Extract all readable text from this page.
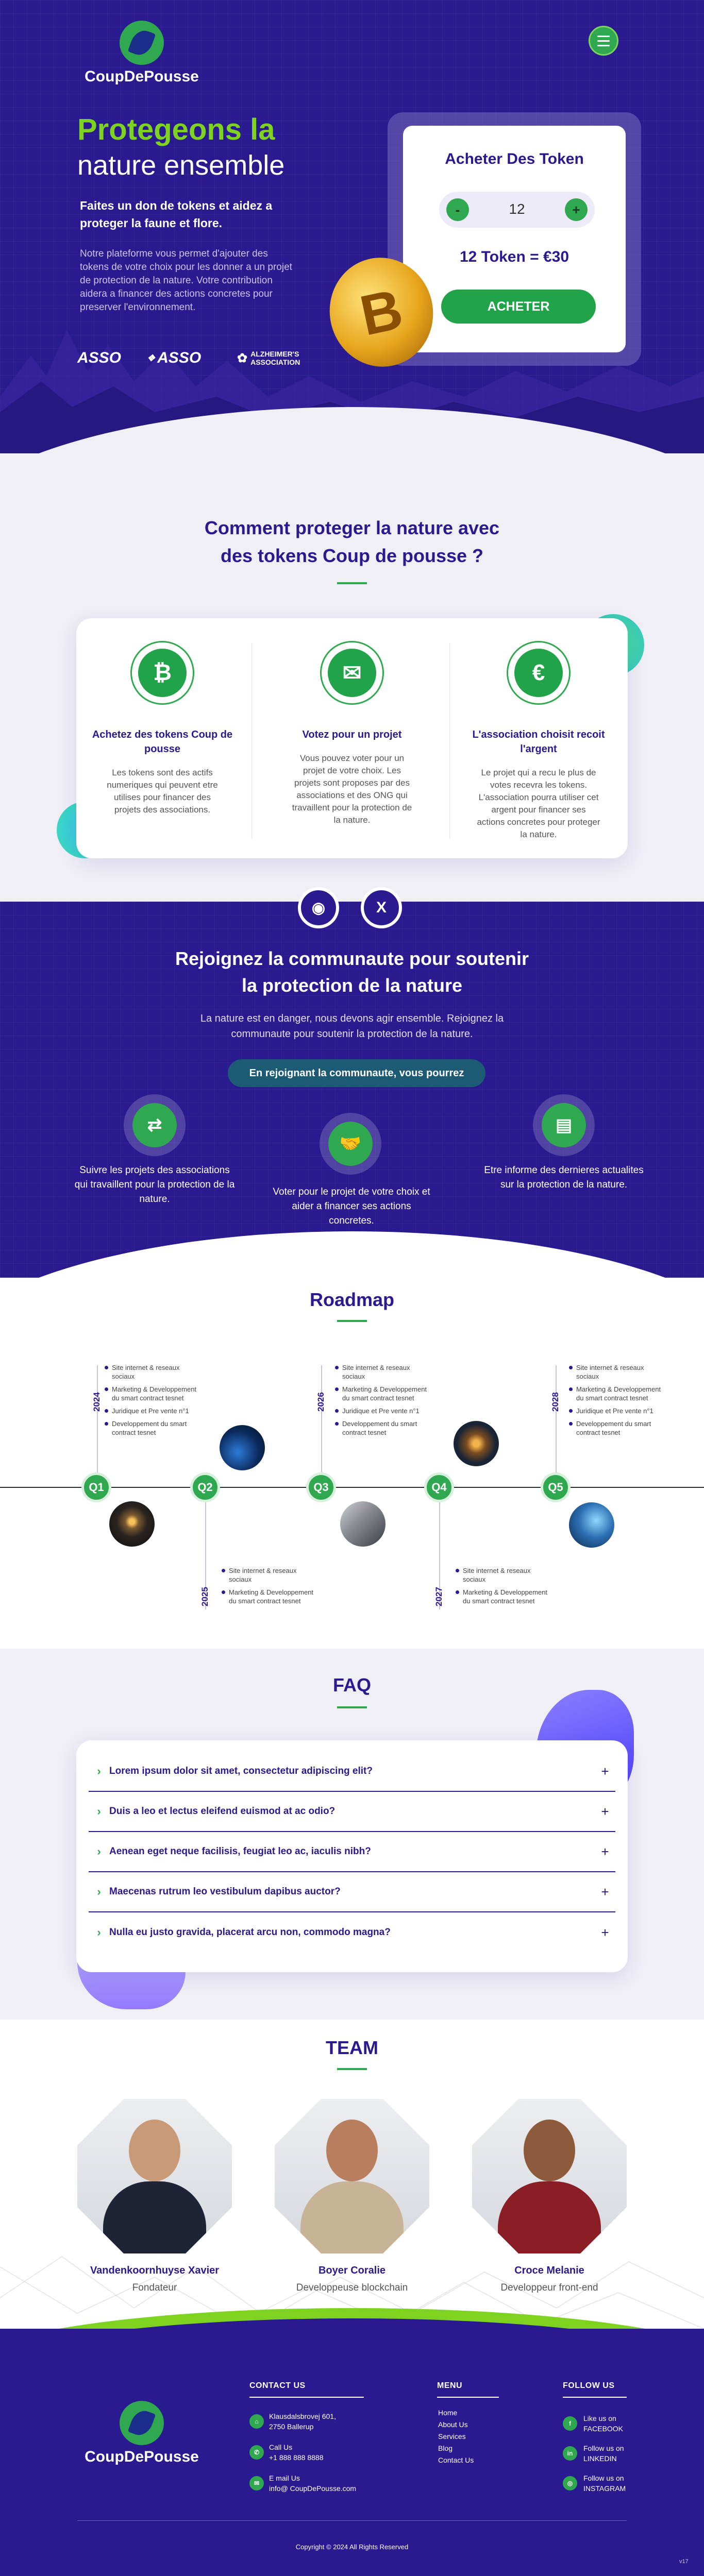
CoupDePousse
Protegeons la
nature ensemble
Faites un don de tokens et aidez a proteger la faune et flore.
Notre plateforme vous permet d'ajouter des tokens de votre choix pour les donner a un projet de protection de la nature. Votre contribution aidera a financer des actions concretes pour preserver l'environnement.
ASSO	❖ ASSO	✿ ALZHEIMER'S ASSOCIATION
Acheter Des Token
-	12	+
12 Token = €30
ACHETER
B
Comment proteger la nature avec
des tokens Coup de pousse ?
₿
Achetez des tokens Coup de pousse
Les tokens sont des actifs numeriques qui peuvent etre utilises pour financer des projets des associations.
✉
Votez pour un projet
Vous pouvez voter pour un projet de votre choix. Les projets sont proposes par des associations et des ONG qui travaillent pour la protection de la nature.
€
L'association choisit recoit l'argent
Le projet qui a recu le plus de votes recevra les tokens. L'association pourra utiliser cet argent pour financer ses actions concretes pour proteger la nature.
◉	X
Rejoignez la communaute pour soutenir
la protection de la nature
La nature est en danger, nous devons agir ensemble. Rejoignez la
communaute pour soutenir la protection de la nature.
En rejoignant la communaute, vous pourrez
⇄
Suivre les projets des associations qui travaillent pour la protection de la nature.
🤝
Voter pour le projet de votre choix et aider a financer ses actions concretes.
▤
Etre informe des dernieres actualites sur la protection de la nature.
Roadmap
Q1	Q2	Q3	Q4	Q5
2024
2025
2026
2027
2028
Site internet & reseaux sociaux
Marketing & Developpement du smart contract tesnet
Juridique et Pre vente n°1
Developpement du smart contract tesnet
Site internet & reseaux sociaux
Marketing & Developpement du smart contract tesnet
Site internet & reseaux sociaux
Marketing & Developpement du smart contract tesnet
Juridique et Pre vente n°1
Developpement du smart contract tesnet
Site internet & reseaux sociaux
Marketing & Developpement du smart contract tesnet
Site internet & reseaux sociaux
Marketing & Developpement du smart contract tesnet
Juridique et Pre vente n°1
Developpement du smart contract tesnet
FAQ
› Lorem ipsum dolor sit amet, consectetur adipiscing elit?	+
› Duis a leo et lectus eleifend euismod at ac odio?	+
› Aenean eget neque facilisis, feugiat leo ac, iaculis nibh?	+
› Maecenas rutrum leo vestibulum dapibus auctor?	+
› Nulla eu justo gravida, placerat arcu non, commodo magna?	+
TEAM
Vandenkoornhuyse Xavier
Fondateur
Boyer Coralie
Developpeuse blockchain
Croce Melanie
Developpeur front-end
CoupDePousse
CONTACT US
⌂
Klausdalsbrovej 601,
2750 Ballerup
✆
Call Us
+1 888 888 8888
✉
E mail Us
info@ CoupDePousse.com
MENU
Home
About Us
Services
Blog
Contact Us
FOLLOW US
f
Like us on
FACEBOOK
in
Follow us on
LINKEDIN
◎
Follow us on
INSTAGRAM
Copyright © 2024 All Rights Reserved
v17
